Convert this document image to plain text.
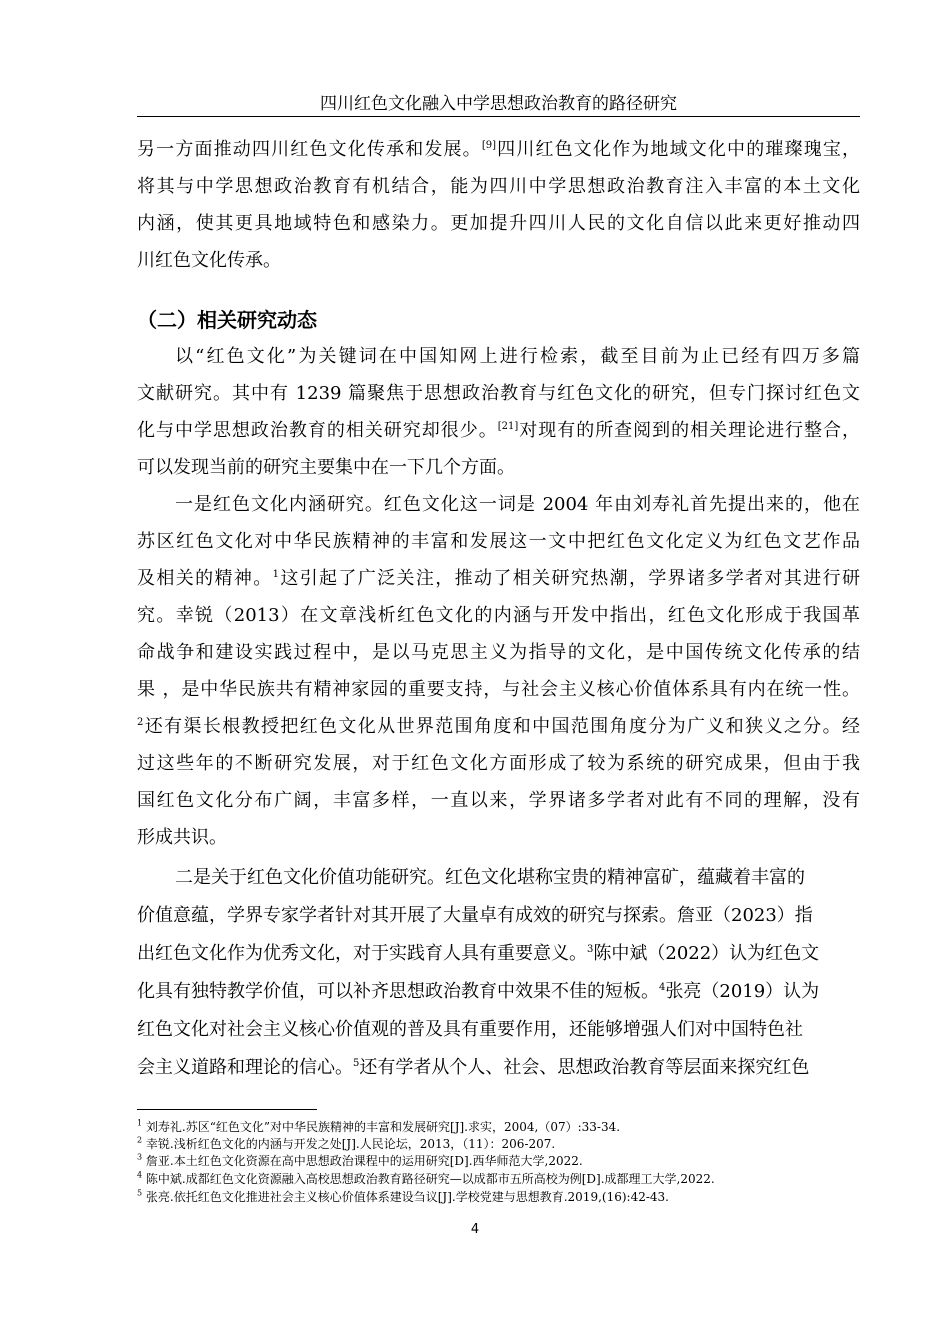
四川红色文化融入中学思想政治教育的路径研究
另一方面推动四川红色文化传承和发展。[9]四川红色文化作为地域文化中的璀璨瑰宝，
将其与中学思想政治教育有机结合，能为四川中学思想政治教育注入丰富的本土文化
内涵，使其更具地域特色和感染力。更加提升四川人民的文化自信以此来更好推动四
川红色文化传承。
（二）相关研究动态
以“红色文化”为关键词在中国知网上进行检索，截至目前为止已经有四万多篇
文献研究。其中有 1239 篇聚焦于思想政治教育与红色文化的研究，但专门探讨红色文
化与中学思想政治教育的相关研究却很少。[21]对现有的所查阅到的相关理论进行整合，
可以发现当前的研究主要集中在一下几个方面。
一是红色文化内涵研究。红色文化这一词是 2004 年由刘寿礼首先提出来的，他在
苏区红色文化对中华民族精神的丰富和发展这一文中把红色文化定义为红色文艺作品
及相关的精神。$^1$这引起了广泛关注，推动了相关研究热潮，学界诸多学者对其进行研
究。幸锐（2013）在文章浅析红色文化的内涵与开发中指出，红色文化形成于我国革
命战争和建设实践过程中，是以马克思主义为指导的文化，是中国传统文化传承的结
果 ，是中华民族共有精神家园的重要支持，与社会主义核心价值体系具有内在统一性。
$^2$还有渠长根教授把红色文化从世界范围角度和中国范围角度分为广义和狭义之分。经
过这些年的不断研究发展，对于红色文化方面形成了较为系统的研究成果，但由于我
国红色文化分布广阔，丰富多样，一直以来，学界诸多学者对此有不同的理解，没有
形成共识。
二是关于红色文化价值功能研究。红色文化堪称宝贵的精神富矿，蕴藏着丰富的
价值意蕴，学界专家学者针对其开展了大量卓有成效的研究与探索。詹亚（2023）指
出红色文化作为优秀文化，对于实践育人具有重要意义。$^3$陈中斌（2022）认为红色文
化具有独特教学价值，可以补齐思想政治教育中效果不佳的短板。$^4$张亮（2019）认为
红色文化对社会主义核心价值观的普及具有重要作用，还能够增强人们对中国特色社
会主义道路和理论的信心。$^5$还有学者从个人、社会、思想政治教育等层面来探究红色
$^1$ 刘寿礼.苏区“红色文化”对中华民族精神的丰富和发展研究[J].求实，2004,（07）:33-34.
$^2$ 幸锐.浅析红色文化的内涵与开发之处[J].人民论坛，2013，（11）：206-207.
$^3$ 詹亚.本土红色文化资源在高中思想政治课程中的运用研究[D].西华师范大学,2022.
$^4$ 陈中斌.成都红色文化资源融入高校思想政治教育路径研究—以成都市五所高校为例[D].成都理工大学,2022.
$^5$ 张亮.依托红色文化推进社会主义核心价值体系建设刍议[J].学校党建与思想教育.2019,(16):42-43.
4
